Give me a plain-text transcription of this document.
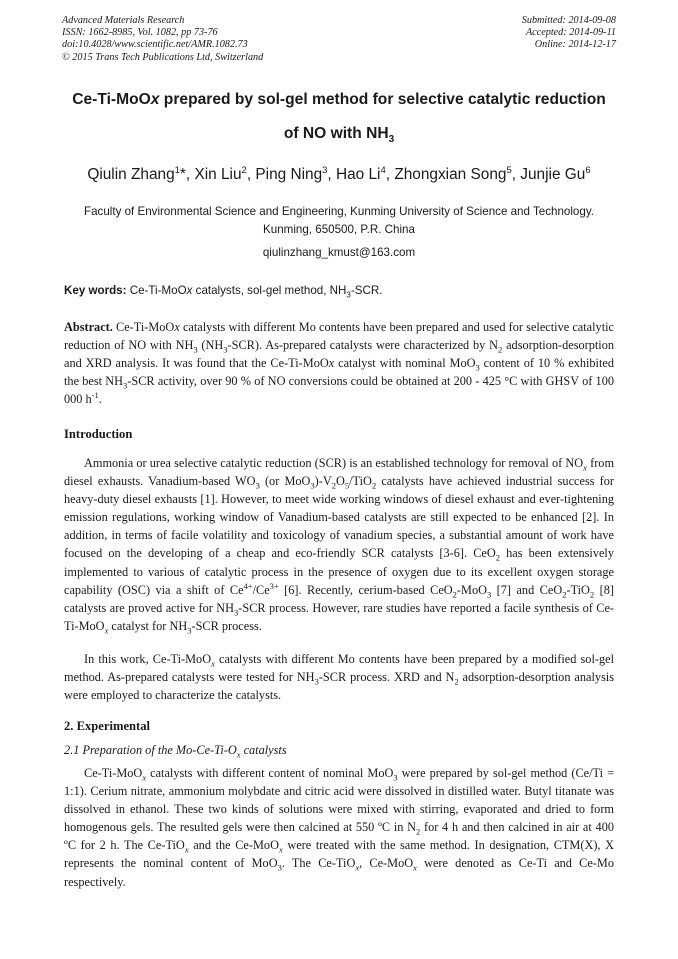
Advanced Materials Research
ISSN: 1662-8985, Vol. 1082, pp 73-76
doi:10.4028/www.scientific.net/AMR.1082.73
© 2015 Trans Tech Publications Ltd, Switzerland
Submitted: 2014-09-08
Accepted: 2014-09-11
Online: 2014-12-17
Ce-Ti-MoOx prepared by sol-gel method for selective catalytic reduction
of NO with $NH_3$
Qiulin Zhang$^1$*, Xin Liu$^2$, Ping Ning$^3$, Hao Li$^4$, Zhongxian Song$^5$, Junjie Gu$^6$
Faculty of Environmental Science and Engineering, Kunming University of Science and Technology.
Kunming, 650500, P.R. China
qiulinzhang_kmust@163.com
Key words: Ce-Ti-MoOx catalysts, sol-gel method, $NH_3$-SCR.
Abstract. Ce-Ti-MoOx catalysts with different Mo contents have been prepared and used for selective catalytic reduction of NO with $NH_3$ $(NH_3-SCR)$. As-prepared catalysts were characterized by $N_2$ adsorption-desorption and XRD analysis. It was found that the Ce-Ti-MoOx catalyst with nominal MoO$_3$ content of 10 % exhibited the best $NH_3$-SCR activity, over 90 % of NO conversions could be obtained at 200 - 425 °C with GHSV of 100 000 $h^{-1}$.
Introduction
Ammonia or urea selective catalytic reduction (SCR) is an established technology for removal of $NO_x$ from diesel exhausts. Vanadium-based $WO_3$ (or $MoO_3)-V_2O_5/TiO_2$ catalysts have achieved industrial success for heavy-duty diesel exhausts [1]. However, to meet wide working windows of diesel exhaust and ever-tightening emission regulations, working window of Vanadium-based catalysts are still expected to be enhanced [2]. In addition, in terms of facile volatility and toxicology of vanadium species, a substantial amount of work have focused on the developing of a cheap and eco-friendly SCR catalysts [3-6]. CeO$_2$ has been extensively implemented to various of catalytic process in the presence of oxygen due to its excellent oxygen storage capability (OSC) via a shift of $Ce^{4+}/Ce^{3+}$ [6]. Recently, cerium-based CeO$_2$-MoO$_3$ [7] and CeO$_2$-TiO$_2$ [8] catalysts are proved active for $NH_3$-SCR process. However, rare studies have reported a facile synthesis of Ce-Ti-MoO$_x$ catalyst for $NH_3$-SCR process.
In this work, Ce-Ti-MoO$_x$ catalysts with different Mo contents have been prepared by a modified sol-gel method. As-prepared catalysts were tested for $NH_3$-SCR process. XRD and $N_2$ adsorption-desorption analysis were employed to characterize the catalysts.
2. Experimental
2.1 Preparation of the $Mo-Ce-Ti-O_x$ catalysts
Ce-Ti-MoO$_x$ catalysts with different content of nominal MoO$_3$ were prepared by sol-gel method (Ce/Ti = 1:1). Cerium nitrate, ammonium molybdate and citric acid were dissolved in distilled water. Butyl titanate was dissolved in ethanol. These two kinds of solutions were mixed with stirring, evaporated and dried to form homogenous gels. The resulted gels were then calcined at 550 ºC in $N_2$ for 4 h and then calcined in air at 400 ºC for 2 h. The Ce-TiO$_x$ and the Ce-MoO$_x$ were treated with the same method. In designation, CTM(X), X represents the nominal content of MoO$_3$. The Ce-TiO$_x$, Ce-MoO$_x$ were denoted as Ce-Ti and Ce-Mo respectively.
